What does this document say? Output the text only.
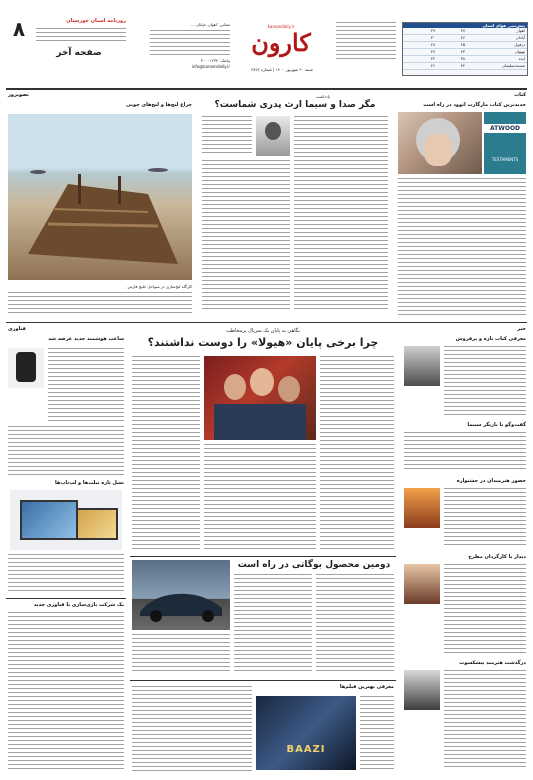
۸	روزنامه استان خوزستان
صفحه آخر
نشانی: اهواز، خیابان ...
پیامک: ۳۰۰۰۱۲۳۴
info@karoondaily.ir
karoondaily.ir
کارون
شنبه ۲۰ شهریور ۱۴۰۰ | شماره ۳۸۲۲
پیش‌بینی هوای استان
اهواز
۴۷
۲۹
آبادان
۴۶
۳۰
دزفول
۴۵
۲۸
بهبهان
۴۳
۲۷
ایذه
۳۸
۲۲
مسجدسلیمان
۴۴
۲۶
کتاب
جدیدترین کتاب مارگارت اتوود در راه است
ATWOOD
TESTAMENTS
یادداشت
مگر صدا و سیما ارث پدری شماست؟
تصویروز
چراغ لنج‌ها و لنج‌های چوبی
کارگاه لنج‌سازی در سواحل خلیج فارس
خبر
معرفی کتاب تازه و پرفروش
گفت‌وگو با بازیگر سینما
حضور هنرمندان در جشنواره
دیدار با کارگردان مطرح
درگذشت هنرمند پیشکسوت
نگاهی به پایان یک سریال پرمخاطب
چرا برخی پایان «هیولا» را دوست نداشتند؟
فناوری
ساعت هوشمند جدید عرضه شد
نسل تازه تبلت‌ها و لپ‌تاپ‌ها
دومین محصول بوگاتی در راه است
یک شرکت بازی‌سازی با فناوری جدید
معرفی بهترین فیلم‌ها
BAAZI
